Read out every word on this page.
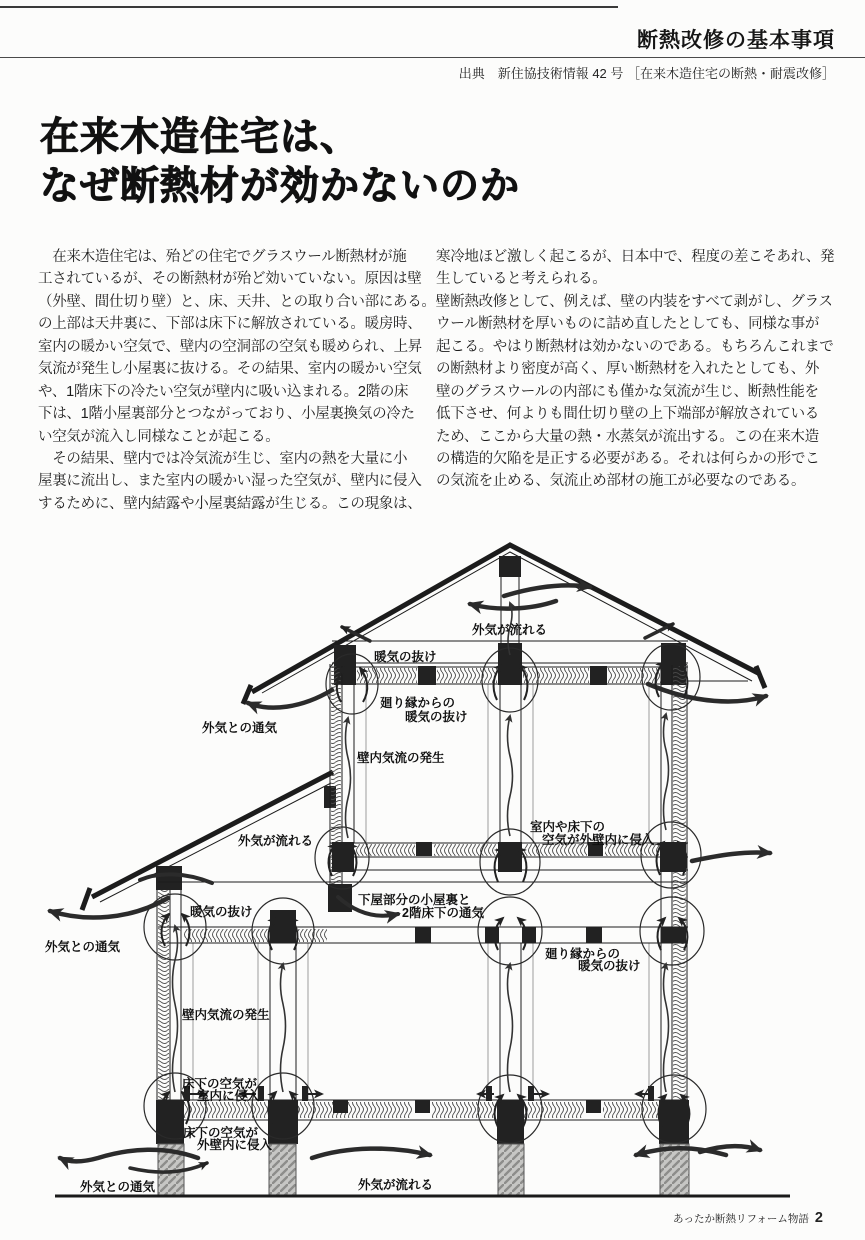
断熱改修の基本事項
出典　新住協技術情報 42 号 ［在来木造住宅の断熱・耐震改修］
在来木造住宅は、
なぜ断熱材が効かないのか
　在来木造住宅は、殆どの住宅でグラスウール断熱材が施
工されているが、その断熱材が殆ど効いていない。原因は壁
（外壁、間仕切り壁）と、床、天井、との取り合い部にある。壁
の上部は天井裏に、下部は床下に解放されている。暖房時、
室内の暖かい空気で、壁内の空洞部の空気も暖められ、上昇
気流が発生し小屋裏に抜ける。その結果、室内の暖かい空気
や、1階床下の冷たい空気が壁内に吸い込まれる。2階の床
下は、1階小屋裏部分とつながっており、小屋裏換気の冷た
い空気が流入し同様なことが起こる。
　その結果、壁内では冷気流が生じ、室内の熱を大量に小
屋裏に流出し、また室内の暖かい湿った空気が、壁内に侵入
するために、壁内結露や小屋裏結露が生じる。この現象は、
寒冷地ほど激しく起こるが、日本中で、程度の差こそあれ、発
生していると考えられる。
　断熱改修として、例えば、壁の内装をすべて剥がし、グラス
ウール断熱材を厚いものに詰め直したとしても、同様な事が
起こる。やはり断熱材は効かないのである。もちろんこれまで
の断熱材より密度が高く、厚い断熱材を入れたとしても、外
壁のグラスウールの内部にも僅かな気流が生じ、断熱性能を
低下させ、何よりも間仕切り壁の上下端部が解放されている
ため、ここから大量の熱・水蒸気が流出する。この在来木造
の構造的欠陥を是正する必要がある。それは何らかの形でこ
の気流を止める、気流止め部材の施工が必要なのである。
外気が流れる
暖気の抜け
廻り縁からの
暖気の抜け
外気との通気
壁内気流の発生
外気が流れる
室内や床下の
空気が外壁内に侵入
下屋部分の小屋裏と
2階床下の通気
廻り縁からの
暖気の抜け
暖気の抜け
外気との通気
壁内気流の発生
床下の空気が
室内に侵入
床下の空気が
外壁内に侵入
外気との通気	外気が流れる
あったか断熱リフォーム物語 2
